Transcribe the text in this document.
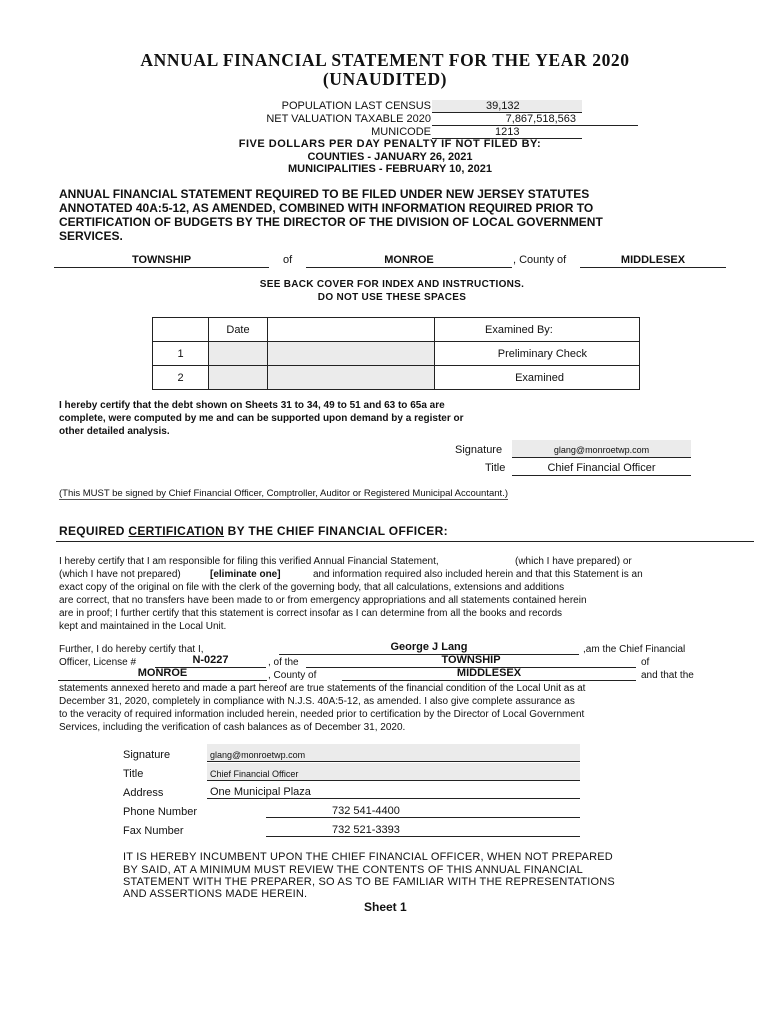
ANNUAL FINANCIAL STATEMENT FOR THE YEAR 2020
(UNAUDITED)
POPULATION LAST CENSUS	39,132
NET VALUATION TAXABLE 2020	7,867,518,563
MUNICODE	1213
FIVE DOLLARS PER DAY PENALTY IF NOT FILED BY:
COUNTIES - JANUARY 26, 2021
MUNICIPALITIES - FEBRUARY 10, 2021
ANNUAL FINANCIAL STATEMENT REQUIRED TO BE FILED UNDER NEW JERSEY STATUTES
ANNOTATED 40A:5-12, AS AMENDED, COMBINED WITH INFORMATION REQUIRED PRIOR TO
CERTIFICATION OF BUDGETS BY THE DIRECTOR OF THE DIVISION OF LOCAL GOVERNMENT
SERVICES.
TOWNSHIP	of	MONROE	, County of	MIDDLESEX
SEE BACK COVER FOR INDEX AND INSTRUCTIONS.
DO NOT USE THESE SPACES
	Date		Examined By:
1			Preliminary Check
2			Examined
I hereby certify that the debt shown on Sheets 31 to 34, 49 to 51 and 63 to 65a are
complete, were computed by me and can be supported upon demand by a register or
other detailed analysis.
Signature	glang@monroetwp.com
Title	Chief Financial Officer
(This MUST be signed by Chief Financial Officer, Comptroller, Auditor or Registered Municipal Accountant.)
REQUIRED CERTIFICATION BY THE CHIEF FINANCIAL OFFICER:
I hereby certify that I am responsible for filing this verified Annual Financial Statement,	(which I have prepared) or
(which I have not prepared)	[eliminate one]	and information required also included herein and that this Statement is an
exact copy of the original on file with the clerk of the governing body, that all calculations, extensions and additions
are correct, that no transfers have been made to or from emergency appropriations and all statements contained herein
are in proof; I further certify that this statement is correct insofar as I can determine from all the books and records
kept and maintained in the Local Unit.
Further, I do hereby certify that I,	George J Lang	,am the Chief Financial
Officer, License #	N-0227	, of the	TOWNSHIP	of
MONROE	, County of	MIDDLESEX	and that the
statements annexed hereto and made a part hereof are true statements of the financial condition of the Local Unit as at
December 31, 2020, completely in compliance with N.J.S. 40A:5-12, as amended. I also give complete assurance as
to the veracity of required information included herein, needed prior to certification by the Director of Local Government
Services, including the verification of cash balances as of December 31, 2020.
Signature	glang@monroetwp.com
Title	Chief Financial Officer
Address	One Municipal Plaza
Phone Number	732 541-4400
Fax Number	732 521-3393
IT IS HEREBY INCUMBENT UPON THE CHIEF FINANCIAL OFFICER, WHEN NOT PREPARED
BY SAID, AT A MINIMUM MUST REVIEW THE CONTENTS OF THIS ANNUAL FINANCIAL
STATEMENT WITH THE PREPARER, SO AS TO BE FAMILIAR WITH THE REPRESENTATIONS
AND ASSERTIONS MADE HEREIN.
Sheet 1
